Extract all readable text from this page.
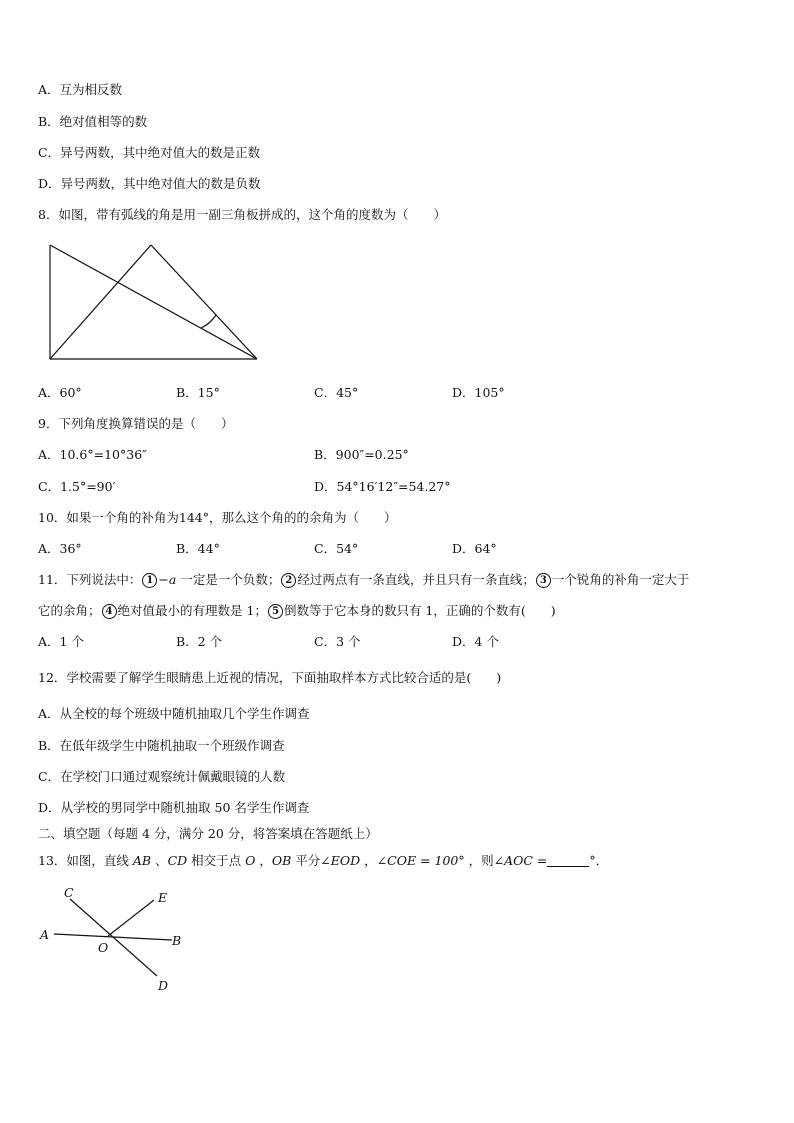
A．互为相反数
B．绝对值相等的数
C．异号两数，其中绝对值大的数是正数
D．异号两数，其中绝对值大的数是负数
8．如图，带有弧线的角是用一副三角板拼成的，这个角的度数为（　　）
A．60°	B．15°	C．45°	D．105°
9．下列角度换算错误的是（　　）
A．10.6°=10°36″	B．900″=0.25°
C．1.5°=90′	D．54°16′12″=54.27°
10．如果一个角的补角为144°，那么这个角的的余角为（　　）
A．36°	B．44°	C．54°	D．64°
11．下列说法中： 1 −a 一定是一个负数； 2 经过两点有一条直线，并且只有一条直线； 3 一个锐角的补角一定大于
它的余角； 4 绝对值最小的有理数是 1； 5 倒数等于它本身的数只有 1，正确的个数有(　　)
A．1 个	B．2 个	C．3 个	D．4 个
12．学校需要了解学生眼睛患上近视的情况，下面抽取样本方式比较合适的是(　　)
A．从全校的每个班级中随机抽取几个学生作调查
B．在低年级学生中随机抽取一个班级作调查
C．在学校门口通过观察统计佩戴眼镜的人数
D．从学校的男同学中随机抽取 50 名学生作调查
二、填空题（每题 4 分，满分 20 分，将答案填在答题纸上）
13．如图，直线 AB 、CD 相交于点 O ，OB 平分∠EOD ，∠COE = 100° ，则∠AOC =	°．
C	E
A
O	B
D
